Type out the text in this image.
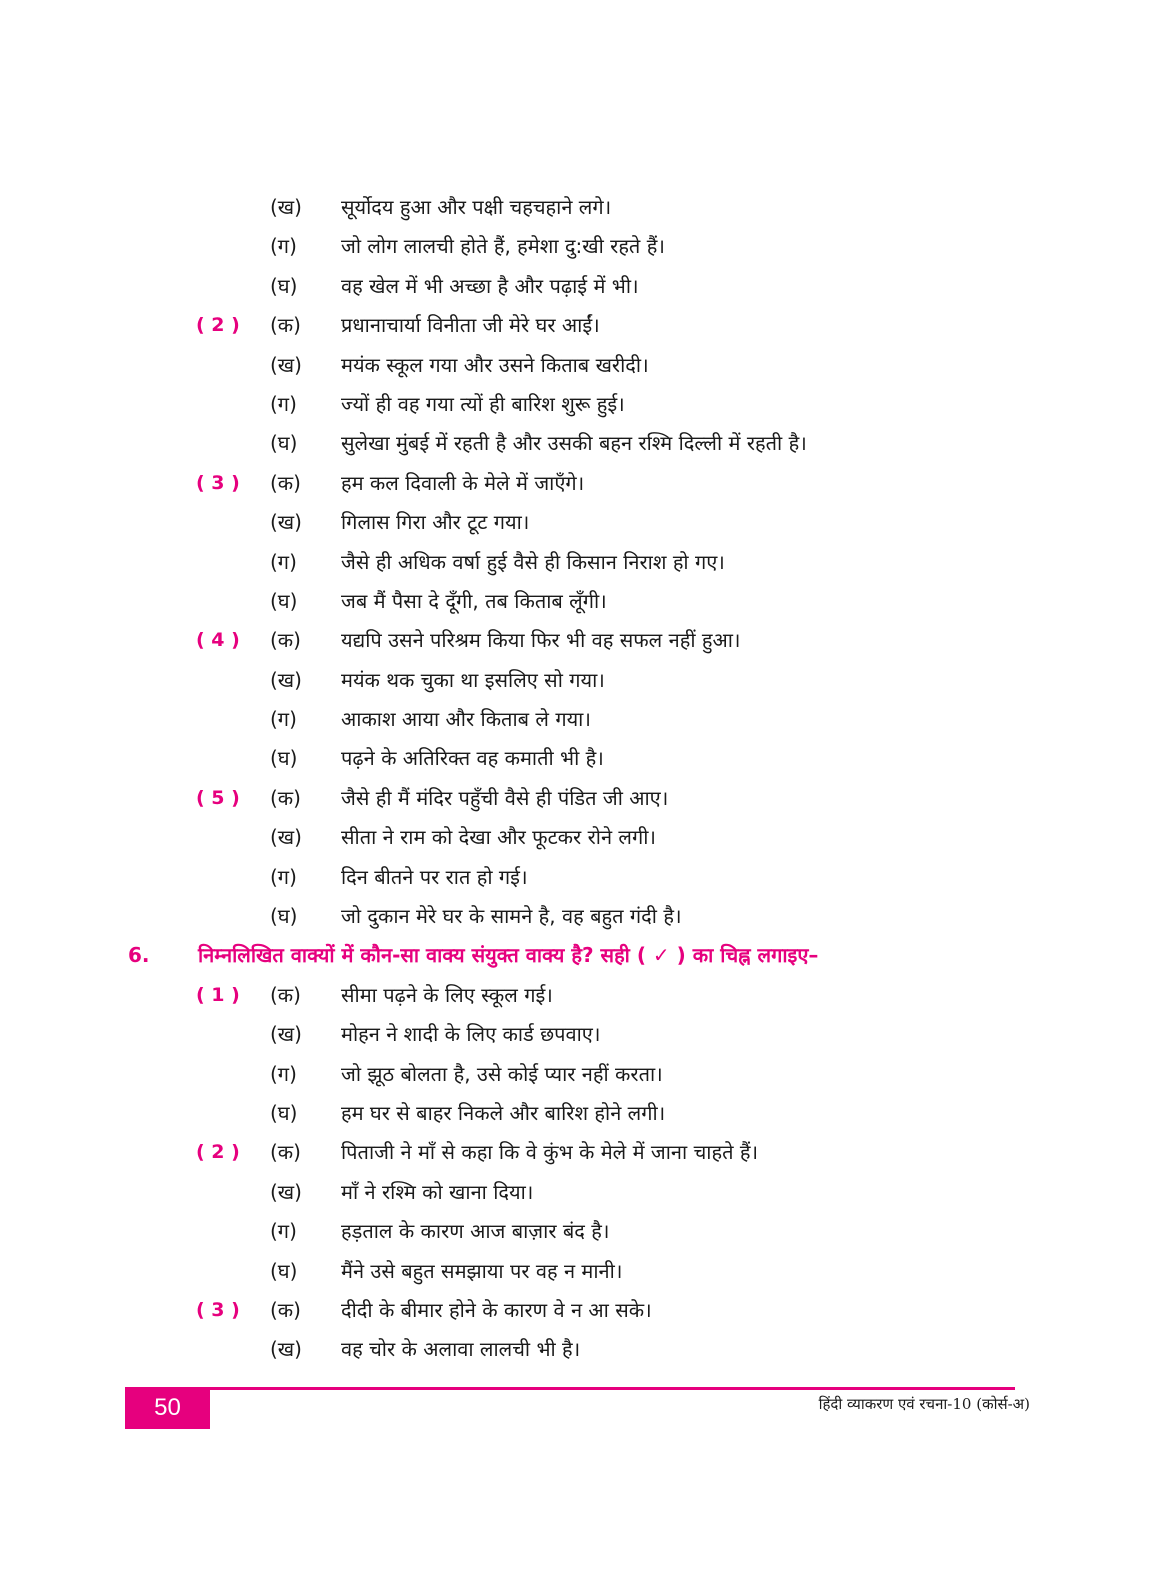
(ख)	सूर्योदय हुआ और पक्षी चहचहाने लगे।
(ग)	जो लोग लालची होते हैं, हमेशा दु:खी रहते हैं।
(घ)	वह खेल में भी अच्छा है और पढ़ाई में भी।
( 2 )	(क)	प्रधानाचार्या विनीता जी मेरे घर आईं।
(ख)	मयंक स्कूल गया और उसने किताब खरीदी।
(ग)	ज्यों ही वह गया त्यों ही बारिश शुरू हुई।
(घ)	सुलेखा मुंबई में रहती है और उसकी बहन रश्मि दिल्ली में रहती है।
( 3 )	(क)	हम कल दिवाली के मेले में जाएँगे।
(ख)	गिलास गिरा और टूट गया।
(ग)	जैसे ही अधिक वर्षा हुई वैसे ही किसान निराश हो गए।
(घ)	जब मैं पैसा दे दूँगी, तब किताब लूँगी।
( 4 )	(क)	यद्यपि उसने परिश्रम किया फिर भी वह सफल नहीं हुआ।
(ख)	मयंक थक चुका था इसलिए सो गया।
(ग)	आकाश आया और किताब ले गया।
(घ)	पढ़ने के अतिरिक्त वह कमाती भी है।
( 5 )	(क)	जैसे ही मैं मंदिर पहुँची वैसे ही पंडित जी आए।
(ख)	सीता ने राम को देखा और फूटकर रोने लगी।
(ग)	दिन बीतने पर रात हो गई।
(घ)	जो दुकान मेरे घर के सामने है, वह बहुत गंदी है।
6. निम्नलिखित वाक्यों में कौन-सा वाक्य संयुक्त वाक्य है? सही ( ✓ ) का चिह्न लगाइए–
( 1 )	(क)	सीमा पढ़ने के लिए स्कूल गई।
(ख)	मोहन ने शादी के लिए कार्ड छपवाए।
(ग)	जो झूठ बोलता है, उसे कोई प्यार नहीं करता।
(घ)	हम घर से बाहर निकले और बारिश होने लगी।
( 2 )	(क)	पिताजी ने माँ से कहा कि वे कुंभ के मेले में जाना चाहते हैं।
(ख)	माँ ने रश्मि को खाना दिया।
(ग)	हड़ताल के कारण आज बाज़ार बंद है।
(घ)	मैंने उसे बहुत समझाया पर वह न मानी।
( 3 )	(क)	दीदी के बीमार होने के कारण वे न आ सके।
(ख)	वह चोर के अलावा लालची भी है।
50	हिंदी व्याकरण एवं रचना-10 (कोर्स-अ)
